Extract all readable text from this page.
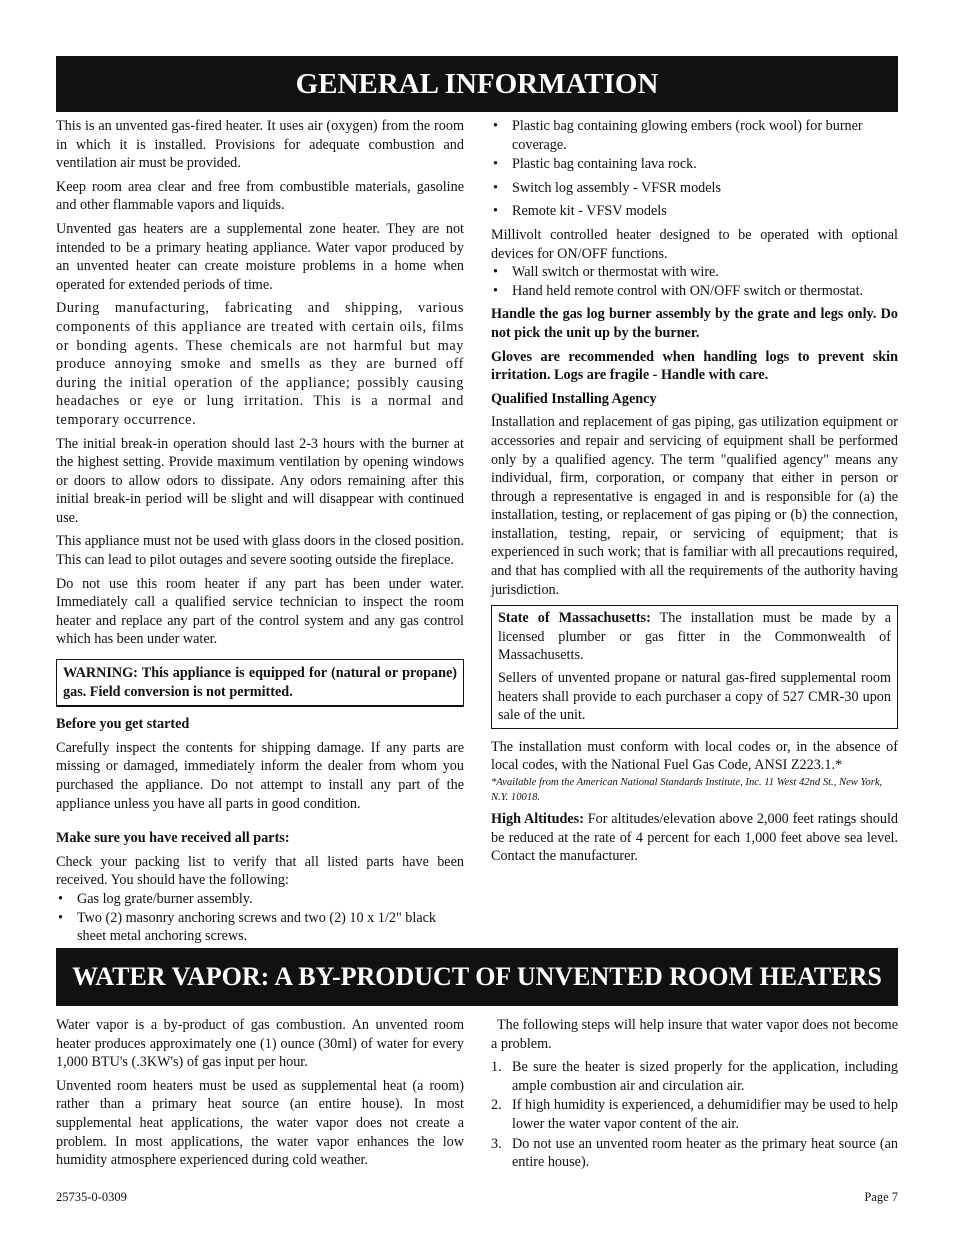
GENERAL INFORMATION

This is an unvented gas-fired heater. It uses air (oxygen) from the room in which it is installed. Provisions for adequate combustion and ventilation air must be provided.

Keep room area clear and free from combustible materials, gasoline and other flammable vapors and liquids.

Unvented gas heaters are a supplemental zone heater. They are not intended to be a primary heating appliance. Water vapor produced by an unvented heater can create moisture problems in a home when operated for extended periods of time.

During manufacturing, fabricating and shipping, various components of this appliance are treated with certain oils, films or bonding agents. These chemicals are not harmful but may produce annoying smoke and smells as they are burned off during the initial operation of the appliance; possibly causing headaches or eye or lung irritation. This is a normal and temporary occurrence.

The initial break-in operation should last 2-3 hours with the burner at the highest setting. Provide maximum ventilation by opening windows or doors to allow odors to dissipate. Any odors remaining after this initial break-in period will be slight and will disappear with continued use.

This appliance must not be used with glass doors in the closed position. This can lead to pilot outages and severe sooting outside the fireplace.

Do not use this room heater if any part has been under water. Immediately call a qualified service technician to inspect the room heater and replace any part of the control system and any gas control which has been under water.

WARNING: This appliance is equipped for (natural or propane) gas. Field conversion is not permitted.

Before you get started

Carefully inspect the contents for shipping damage. If any parts are missing or damaged, immediately inform the dealer from whom you purchased the appliance. Do not attempt to install any part of the appliance unless you have all parts in good condition.

Make sure you have received all parts:

Check your packing list to verify that all listed parts have been received. You should have the following:

• Gas log grate/burner assembly.
• Two (2) masonry anchoring screws and two (2) 10 x 1/2" black sheet metal anchoring screws.
• Plastic bag containing glowing embers (rock wool) for burner coverage.
• Plastic bag containing lava rock.
• Switch log assembly - VFSR models
• Remote kit - VFSV models

Millivolt controlled heater designed to be operated with optional devices for ON/OFF functions.

• Wall switch or thermostat with wire.
• Hand held remote control with ON/OFF switch or thermostat.

Handle the gas log burner assembly by the grate and legs only. Do not pick the unit up by the burner.

Gloves are recommended when handling logs to prevent skin irritation. Logs are fragile - Handle with care.

Qualified Installing Agency

Installation and replacement of gas piping, gas utilization equipment or accessories and repair and servicing of equipment shall be performed only by a qualified agency. The term "qualified agency" means any individual, firm, corporation, or company that either in person or through a representative is engaged in and is responsible for (a) the installation, testing, or replacement of gas piping or (b) the connection, installation, testing, repair, or servicing of equipment; that is experienced in such work; that is familiar with all precautions required, and that has complied with all the requirements of the authority having jurisdiction.

State of Massachusetts: The installation must be made by a licensed plumber or gas fitter in the Commonwealth of Massachusetts.

Sellers of unvented propane or natural gas-fired supplemental room heaters shall provide to each purchaser a copy of 527 CMR-30 upon sale of the unit.

The installation must conform with local codes or, in the absence of local codes, with the National Fuel Gas Code, ANSI Z223.1.*

*Available from the American National Standards Institute, Inc. 11 West 42nd St., New York, N.Y. 10018.

High Altitudes: For altitudes/elevation above 2,000 feet ratings should be reduced at the rate of 4 percent for each 1,000 feet above sea level. Contact the manufacturer.

WATER VAPOR: A BY-PRODUCT OF UNVENTED ROOM HEATERS

Water vapor is a by-product of gas combustion. An unvented room heater produces approximately one (1) ounce (30ml) of water for every 1,000 BTU's (.3KW's) of gas input per hour.

Unvented room heaters must be used as supplemental heat (a room) rather than a primary heat source (an entire house). In most supplemental heat applications, the water vapor does not create a problem. In most applications, the water vapor enhances the low humidity atmosphere experienced during cold weather.

The following steps will help insure that water vapor does not become a problem.

1. Be sure the heater is sized properly for the application, including ample combustion air and circulation air.
2. If high humidity is experienced, a dehumidifier may be used to help lower the water vapor content of the air.
3. Do not use an unvented room heater as the primary heat source (an entire house).
25735-0-0309	Page 7
